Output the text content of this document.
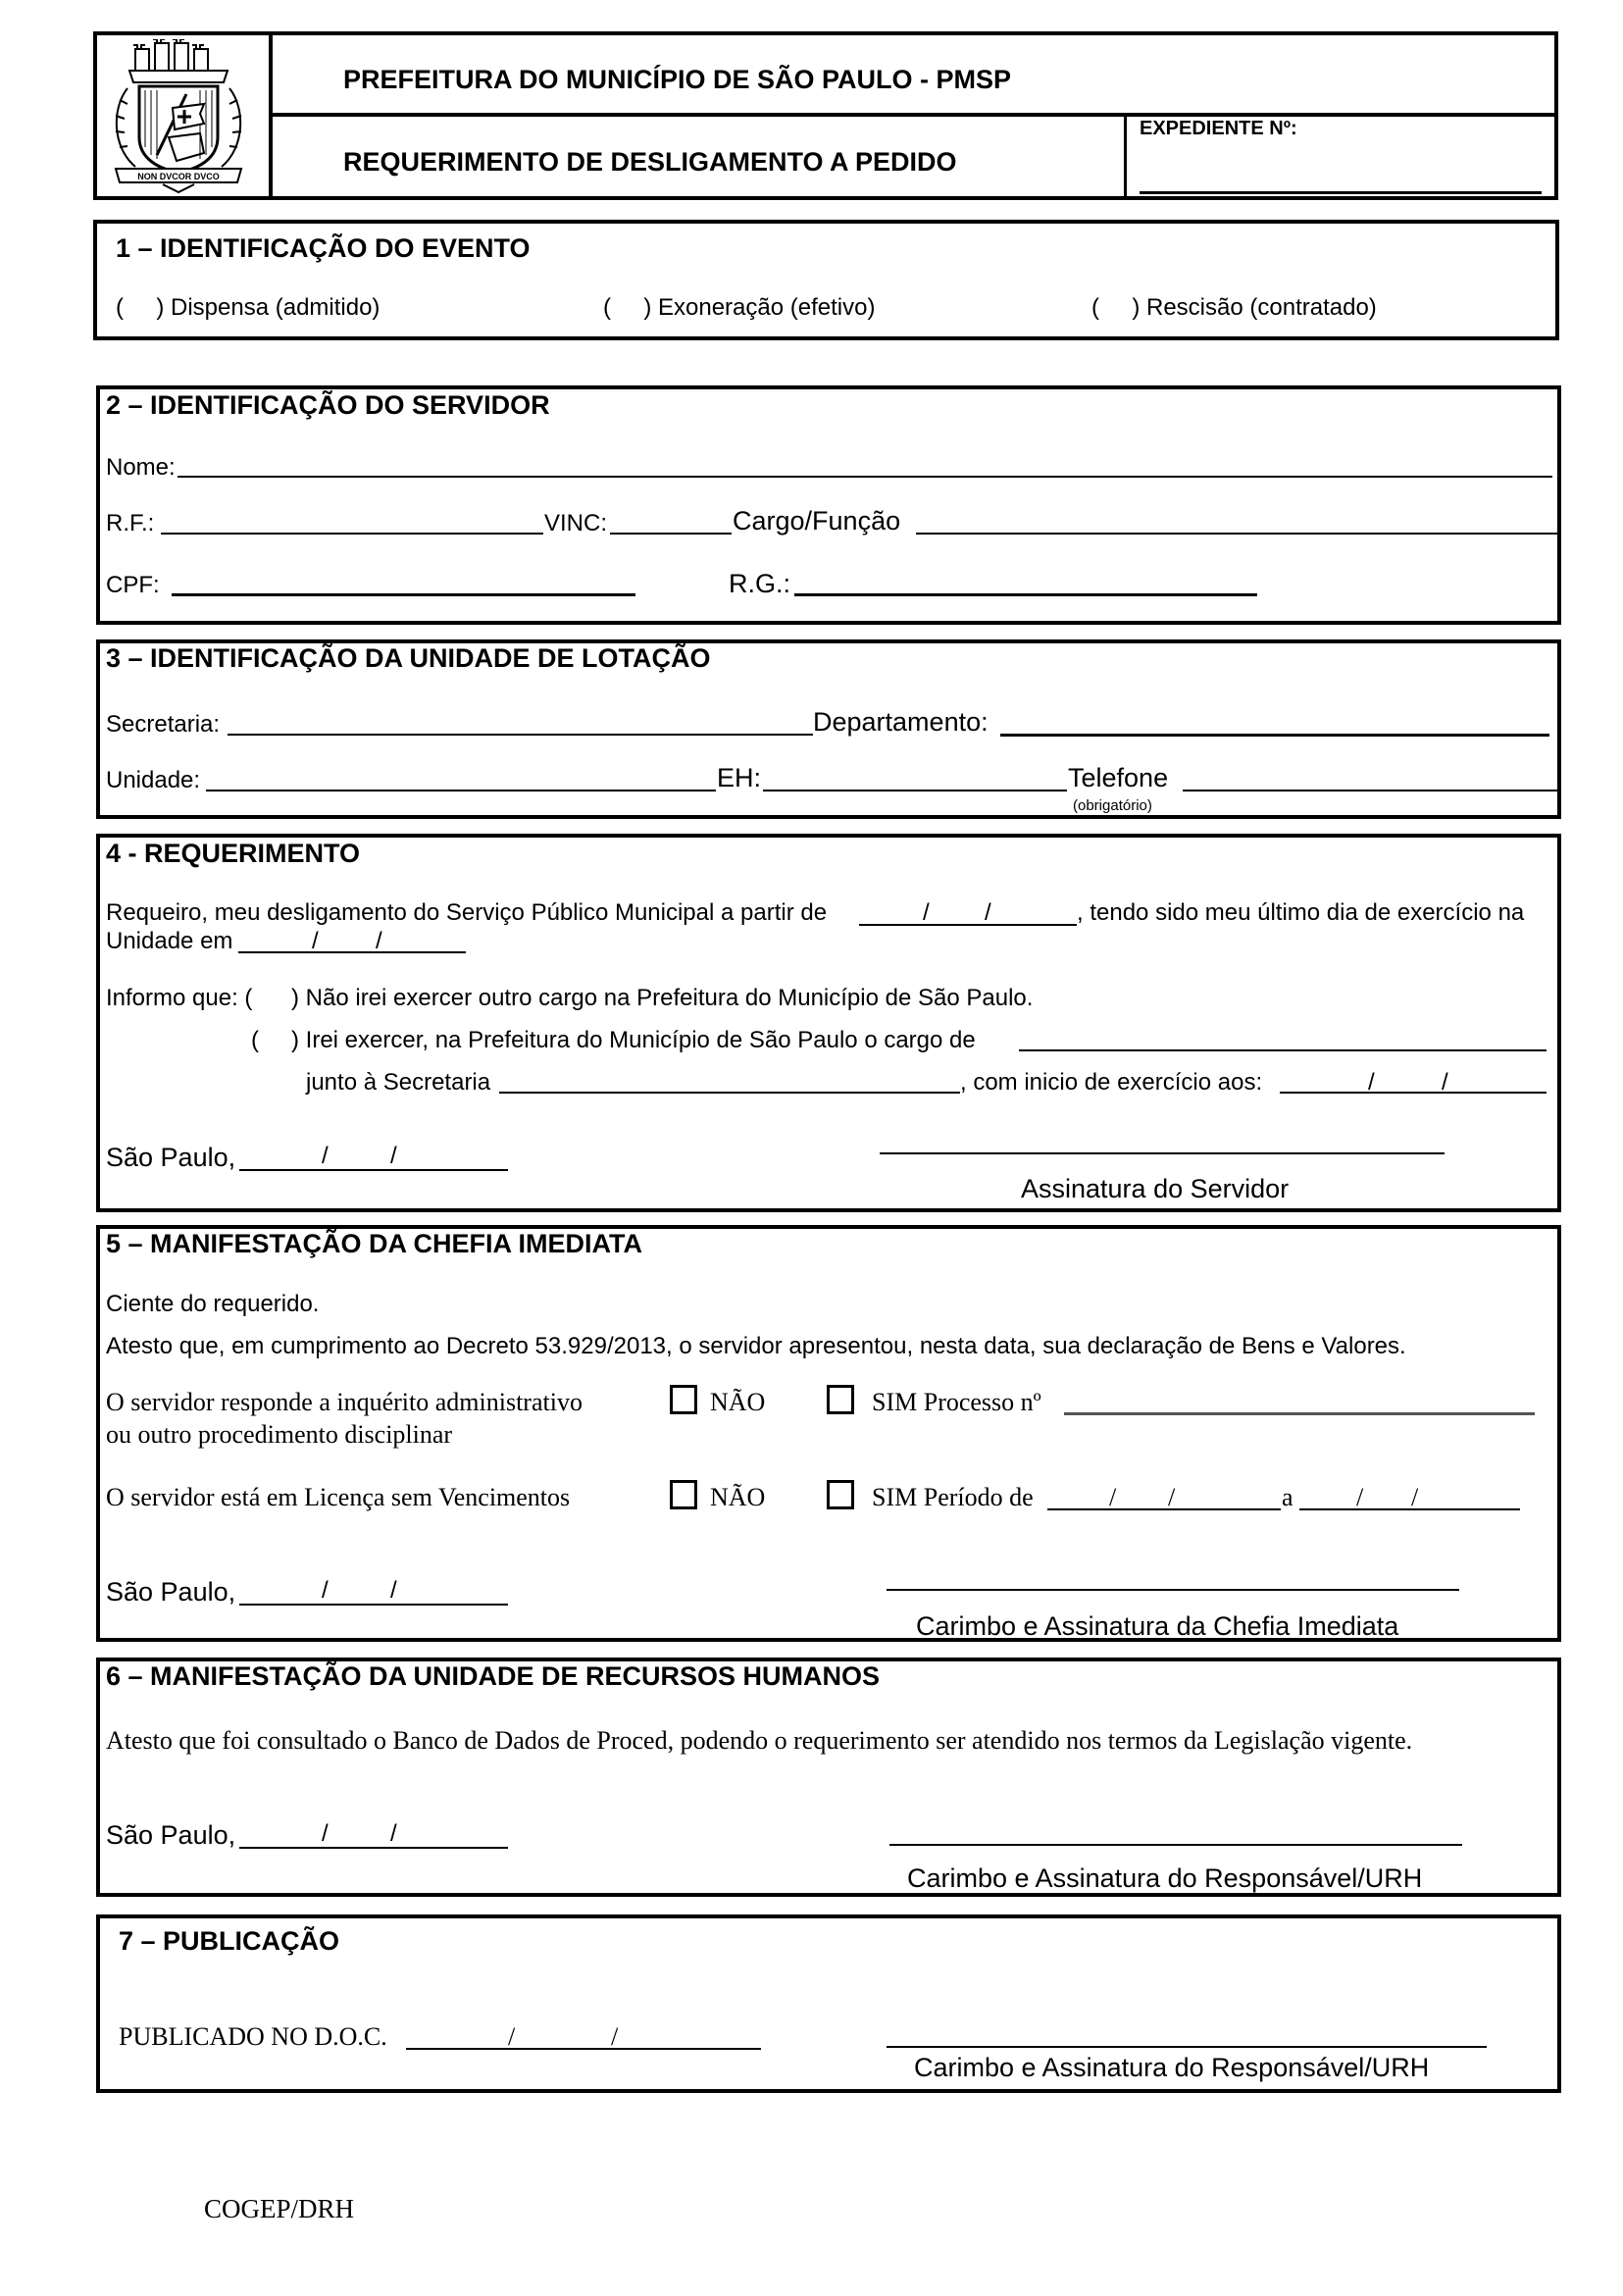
NON DVCOR DVCO
PREFEITURA DO MUNICÍPIO DE SÃO PAULO - PMSP
REQUERIMENTO DE DESLIGAMENTO A PEDIDO
EXPEDIENTE Nº:
1 – IDENTIFICAÇÃO DO EVENTO
( ) Dispensa (admitido)	( ) Exoneração (efetivo)	( ) Rescisão (contratado)
2 – IDENTIFICAÇÃO DO SERVIDOR
Nome:
R.F.:	VINC:	Cargo/Função
CPF:	R.G.:
3 – IDENTIFICAÇÃO DA UNIDADE DE LOTAÇÃO
Secretaria:	Departamento:
Unidade:	EH:	Telefone
(obrigatório)
4 - REQUERIMENTO
Requeiro, meu desligamento do Serviço Público Municipal a partir de	/ /	, tendo sido meu último dia de exercício na
Unidade em	/ /
Informo que: ( ) Não irei exercer outro cargo na Prefeitura do Município de São Paulo.
( ) Irei exercer, na Prefeitura do Município de São Paulo o cargo de
junto à Secretaria	, com inicio de exercício aos:	/	/
São Paulo,	/	/
Assinatura do Servidor
5 – MANIFESTAÇÃO DA CHEFIA IMEDIATA
Ciente do requerido.
Atesto que, em cumprimento ao Decreto 53.929/2013, o servidor apresentou, nesta data, sua declaração de Bens e Valores.
O servidor responde a inquérito administrativo
ou outro procedimento disciplinar
NÃO	SIM Processo nº
O servidor está em Licença sem Vencimentos	NÃO	SIM Período de	/ /	a / /
São Paulo,	/	/
Carimbo e Assinatura da Chefia Imediata
6 – MANIFESTAÇÃO DA UNIDADE DE RECURSOS HUMANOS
Atesto que foi consultado o Banco de Dados de Proced, podendo o requerimento ser atendido nos termos da Legislação vigente.
São Paulo,	/	/
Carimbo e Assinatura do Responsável/URH
7 – PUBLICAÇÃO
PUBLICADO NO D.O.C.	/	/
Carimbo e Assinatura do Responsável/URH
COGEP/DRH
